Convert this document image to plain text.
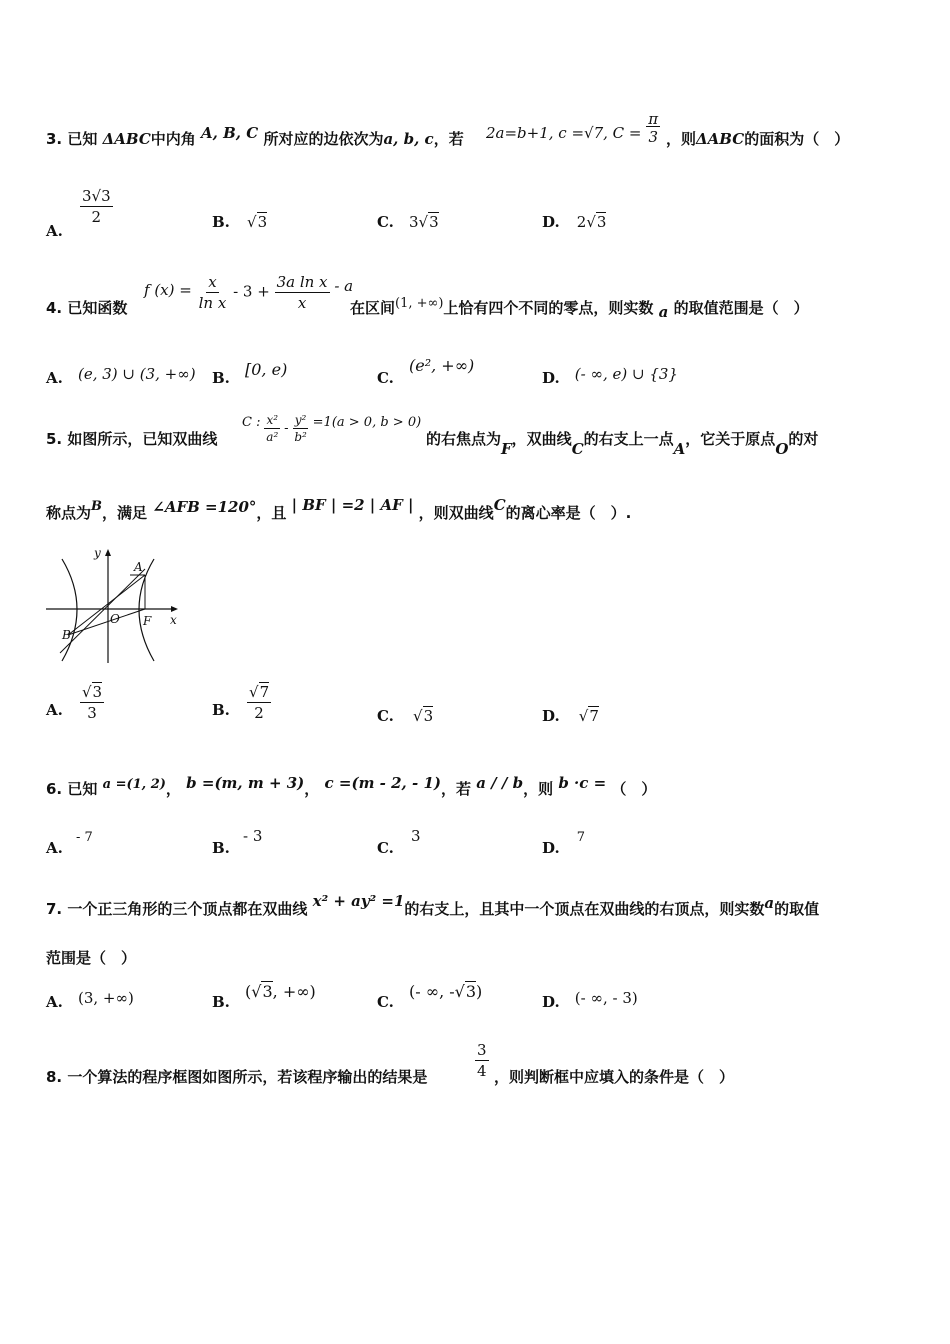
3. 已知 ΔABC中内角 A, B, C 所对应的边依次为a, b, c，若 2a=b+1, c =√7, $C = \frac{\pi}{3}$ ，则ΔABC的面积为（　）
A.
$\frac{3√3}{2}$	B. √3	C. 3√3	D. 2√3
4. 已知函数
f $(x) = \frac{x}{\text{ln x}} - 3 + \frac{\text{3a ln x}}{x} - a$
在区间(1, +∞)上恰有四个不同的零点，则实数 a 的取值范围是（　）
A. (e, 3) ∪ (3, +∞) B. [0, e)	C. (e², +∞)
D. (- ∞, e) ∪ {3}
5. 如图所示，已知双曲线
C : $\frac{\text{x²}}{\text{a²}} - \frac{\text{y²}}{\text{b²}} =1(a > 0$, b > 0)
的右焦点为F，双曲线C的右支上一点A，它关于原点O的对
称点为B，满足 ∠AFB =120°，且 | BF | =2 | AF | ，则双曲线C的离心率是（　）.
y
x
A
B
O F
A. $\frac{√3}{3}$	B. $\frac{√7}{2}$	C. √3	D. √7
6. 已知 a =(1, 2)， b =(m, m + 3)， c =(m - 2, - 1)，若 a / / b，则 b ·c = （　）
A. - 7
B. - 3
C. 3
D. 7
7. 一个正三角形的三个顶点都在双曲线 x² + ay² =1的右支上，且其中一个顶点在双曲线的右顶点，则实数a的取值
范围是（　）
A. (3, +∞)	B. (√3, +∞)
C. (- ∞, -√3)
D. (- ∞, - 3)
8. 一个算法的程序框图如图所示，若该程序输出的结果是	$\frac{3}{4}$ ，则判断框中应填入的条件是（　）
